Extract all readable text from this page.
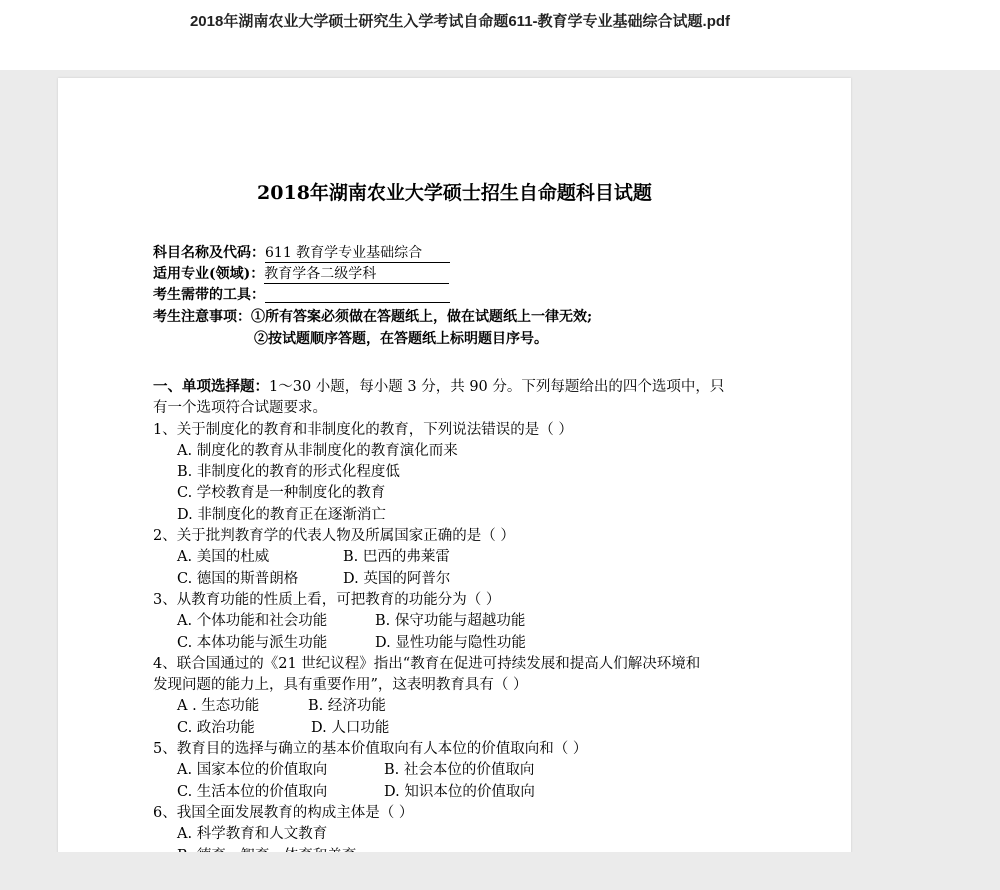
2018年湖南农业大学硕士研究生入学考试自命题611-教育学专业基础综合试题.pdf
2018年湖南农业大学硕士招生自命题科目试题
科目名称及代码：611 教育学专业基础综合
适用专业(领域)：教育学各二级学科
考生需带的工具：
考生注意事项：①所有答案必须做在答题纸上，做在试题纸上一律无效;
②按试题顺序答题，在答题纸上标明题目序号。
一、单项选择题：1～30 小题，每小题 3 分，共 90 分。下列每题给出的四个选项中，只
有一个选项符合试题要求。
1、关于制度化的教育和非制度化的教育，下列说法错误的是（ ）
A. 制度化的教育从非制度化的教育演化而来
B. 非制度化的教育的形式化程度低
C. 学校教育是一种制度化的教育
D. 非制度化的教育正在逐渐消亡
2、关于批判教育学的代表人物及所属国家正确的是（ ）
A. 美国的杜威	B. 巴西的弗莱雷
C. 德国的斯普朗格	D. 英国的阿普尔
3、从教育功能的性质上看，可把教育的功能分为（ ）
A. 个体功能和社会功能	B. 保守功能与超越功能
C. 本体功能与派生功能	D. 显性功能与隐性功能
4、联合国通过的《21 世纪议程》指出“教育在促进可持续发展和提高人们解决环境和
发现问题的能力上，具有重要作用”，这表明教育具有（ ）
A . 生态功能	B. 经济功能
C. 政治功能	D. 人口功能
5、教育目的选择与确立的基本价值取向有人本位的价值取向和（ ）
A. 国家本位的价值取向	B. 社会本位的价值取向
C. 生活本位的价值取向	D. 知识本位的价值取向
6、我国全面发展教育的构成主体是（ ）
A. 科学教育和人文教育
